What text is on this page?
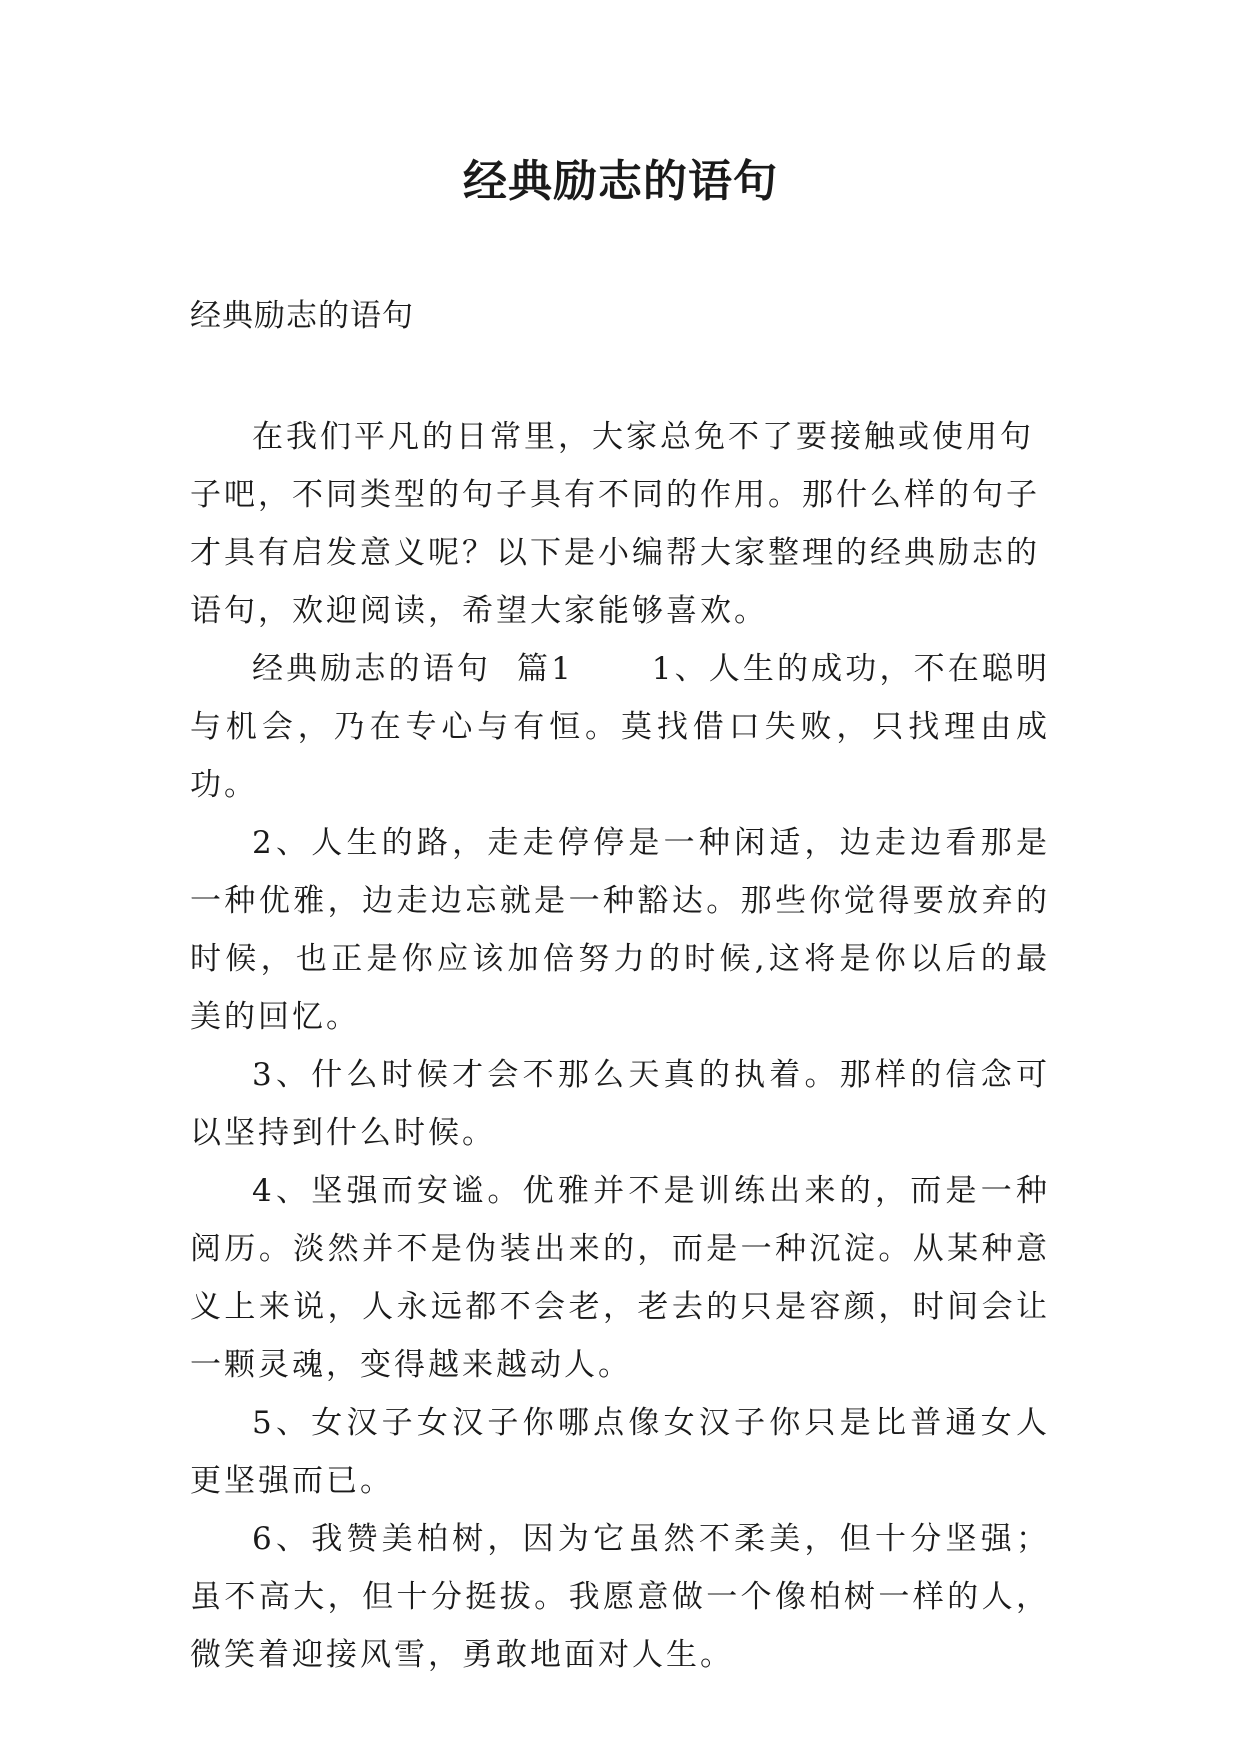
经典励志的语句

经典励志的语句

在我们平凡的日常里，大家总免不了要接触或使用句子吧，不同类型的句子具有不同的作用。那什么样的句子才具有启发意义呢？以下是小编帮大家整理的经典励志的语句，欢迎阅读，希望大家能够喜欢。

经典励志的语句  篇1      1、人生的成功，不在聪明与机会，乃在专心与有恒。莫找借口失败，只找理由成功。

2、人生的路，走走停停是一种闲适，边走边看那是一种优雅，边走边忘就是一种豁达。那些你觉得要放弃的时候，也正是你应该加倍努力的时候,这将是你以后的最美的回忆。

3、什么时候才会不那么天真的执着。那样的信念可以坚持到什么时候。

4、坚强而安谧。优雅并不是训练出来的，而是一种阅历。淡然并不是伪装出来的，而是一种沉淀。从某种意义上来说，人永远都不会老，老去的只是容颜，时间会让一颗灵魂，变得越来越动人。

5、女汉子女汉子你哪点像女汉子你只是比普通女人更坚强而已。

6、我赞美柏树，因为它虽然不柔美，但十分坚强；虽不高大，但十分挺拔。我愿意做一个像柏树一样的人，微笑着迎接风雪，勇敢地面对人生。
